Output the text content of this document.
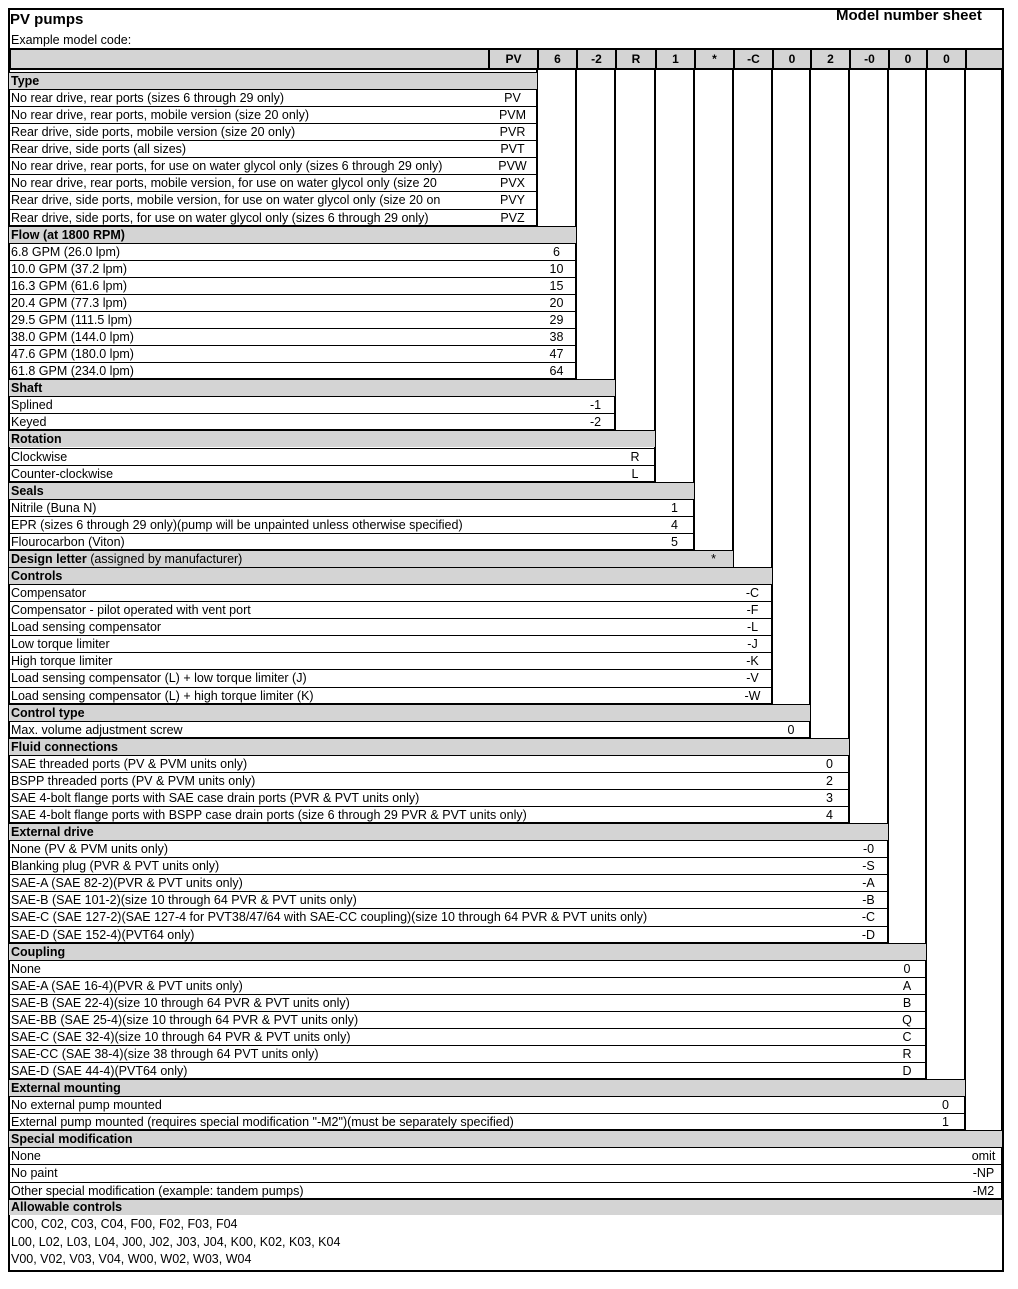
PV pumps	Model number sheet
Example model code:
Type
No rear drive, rear ports (sizes 6 through 29 only)	PV
No rear drive, rear ports, mobile version (size 20 only)	PVM
Rear drive, side ports, mobile version (size 20 only)	PVR
Rear drive, side ports (all sizes)	PVT
No rear drive, rear ports, for use on water glycol only (sizes 6 through 29 only)	PVW
No rear drive, rear ports, mobile version, for use on water glycol only (size 20	PVX
Rear drive, side ports, mobile version, for use on water glycol only (size 20 on	PVY
Rear drive, side ports, for use on water glycol only (sizes 6 through 29 only)	PVZ
Flow (at 1800 RPM)
6.8 GPM (26.0 lpm)	6
10.0 GPM (37.2 lpm)	10
16.3 GPM (61.6 lpm)	15
20.4 GPM (77.3 lpm)	20
29.5 GPM (111.5 lpm)	29
38.0 GPM (144.0 lpm)	38
47.6 GPM (180.0 lpm)	47
61.8 GPM (234.0 lpm)	64
Shaft
Splined	-1
Keyed	-2
Rotation
Clockwise	R
Counter-clockwise	L
Seals
Nitrile (Buna N)	1
EPR (sizes 6 through 29 only)(pump will be unpainted unless otherwise specified)	4
Flourocarbon (Viton)	5
Design letter (assigned by manufacturer)	*
Controls
Compensator	-C
Compensator - pilot operated with vent port	-F
Load sensing compensator	-L
Low torque limiter	-J
High torque limiter	-K
Load sensing compensator (L) + low torque limiter (J)	-V
Load sensing compensator (L) + high torque limiter (K)	-W
Control type
Max. volume adjustment screw	0
Fluid connections
SAE threaded ports (PV & PVM units only)	0
BSPP threaded ports (PV & PVM units only)	2
SAE 4-bolt flange ports with SAE case drain ports (PVR & PVT units only)	3
SAE 4-bolt flange ports with BSPP case drain ports (size 6 through 29 PVR & PVT units only)	4
External drive
None (PV & PVM units only)	-0
Blanking plug (PVR & PVT units only)	-S
SAE-A (SAE 82-2)(PVR & PVT units only)	-A
SAE-B (SAE 101-2)(size 10 through 64 PVR & PVT units only)	-B
SAE-C (SAE 127-2)(SAE 127-4 for PVT38/47/64 with SAE-CC coupling)(size 10 through 64 PVR & PVT units only)	-C
SAE-D (SAE 152-4)(PVT64 only)	-D
Coupling
None	0
SAE-A (SAE 16-4)(PVR & PVT units only)	A
SAE-B (SAE 22-4)(size 10 through 64 PVR & PVT units only)	B
SAE-BB (SAE 25-4)(size 10 through 64 PVR & PVT units only)	Q
SAE-C (SAE 32-4)(size 10 through 64 PVR & PVT units only)	C
SAE-CC (SAE 38-4)(size 38 through 64 PVT units only)	R
SAE-D (SAE 44-4)(PVT64 only)	D
External mounting
No external pump mounted	0
External pump mounted (requires special modification "-M2")(must be separately specified)	1
Special modification
None	omit
No paint	-NP
Other special modification (example: tandem pumps)	-M2
Allowable controls
C00, C02, C03, C04, F00, F02, F03, F04
L00, L02, L03, L04, J00, J02, J03, J04, K00, K02, K03, K04
V00, V02, V03, V04, W00, W02, W03, W04
PV	6	-2	R	1	*	-C	0	2	-0	0	0
